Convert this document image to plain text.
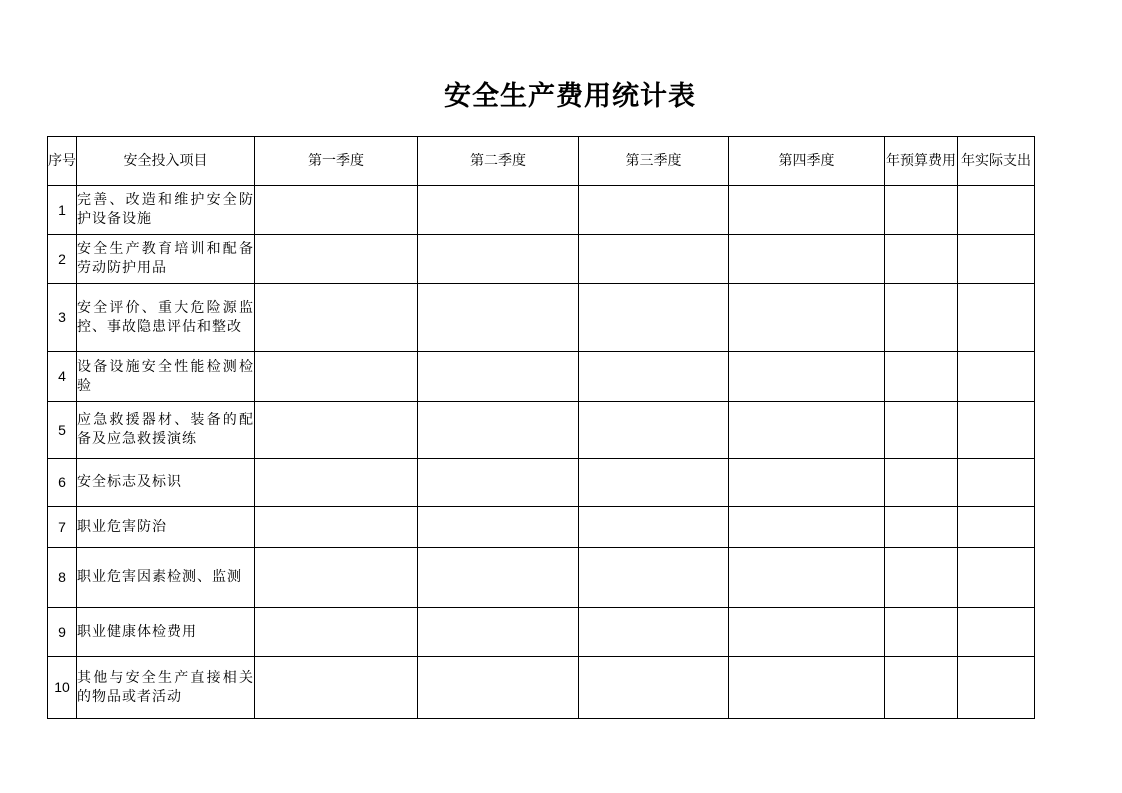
安全生产费用统计表
序号	安全投入项目	第一季度	第二季度	第三季度	第四季度	年预算费用	年实际支出
1	完善、改造和维护安全防护设备设施						
2	安全生产教育培训和配备劳动防护用品						
3	安全评价、重大危险源监控、事故隐患评估和整改						
4	设备设施安全性能检测检验						
5	应急救援器材、装备的配备及应急救援演练						
6	安全标志及标识						
7	职业危害防治						
8	职业危害因素检测、监测						
9	职业健康体检费用						
10	其他与安全生产直接相关的物品或者活动						
